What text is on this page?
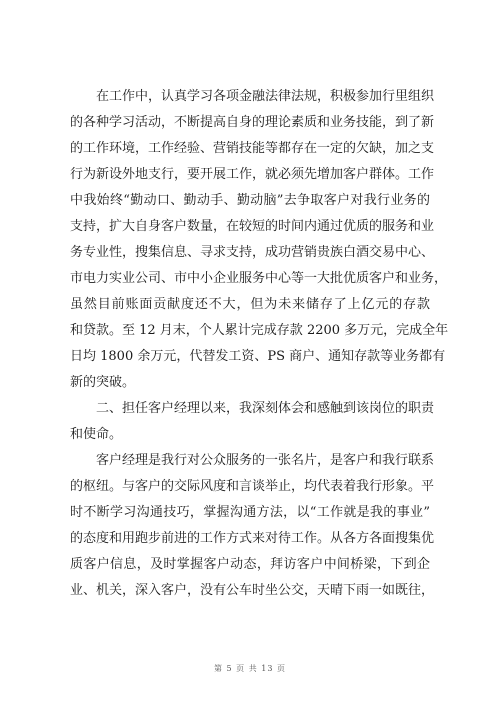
　　在工作中，认真学习各项金融法律法规，积极参加行里组织
的各种学习活动，不断提高自身的理论素质和业务技能，到了新
的工作环境，工作经验、营销技能等都存在一定的欠缺，加之支
行为新设外地支行，要开展工作，就必须先增加客户群体。工作
中我始终“勤动口、勤动手、勤动脑”去争取客户对我行业务的
支持，扩大自身客户数量，在较短的时间内通过优质的服务和业
务专业性，搜集信息、寻求支持，成功营销贵族白酒交易中心、
市电力实业公司、市中小企业服务中心等一大批优质客户和业务，
虽然目前账面贡献度还不大，但为未来储存了上亿元的存款
和贷款。至 12 月末，个人累计完成存款 2200 多万元，完成全年
日均 1800 余万元，代替发工资、PS 商户、通知存款等业务都有
新的突破。
　　二、担任客户经理以来，我深刻体会和感触到该岗位的职责
和使命。
　　客户经理是我行对公众服务的一张名片，是客户和我行联系
的枢纽。与客户的交际风度和言谈举止，均代表着我行形象。平
时不断学习沟通技巧，掌握沟通方法，以“工作就是我的事业”
的态度和用跑步前进的工作方式来对待工作。从各方各面搜集优
质客户信息，及时掌握客户动态，拜访客户中间桥梁，下到企
业、机关，深入客户，没有公车时坐公交，天晴下雨一如既往，
第 5 页 共 13 页
